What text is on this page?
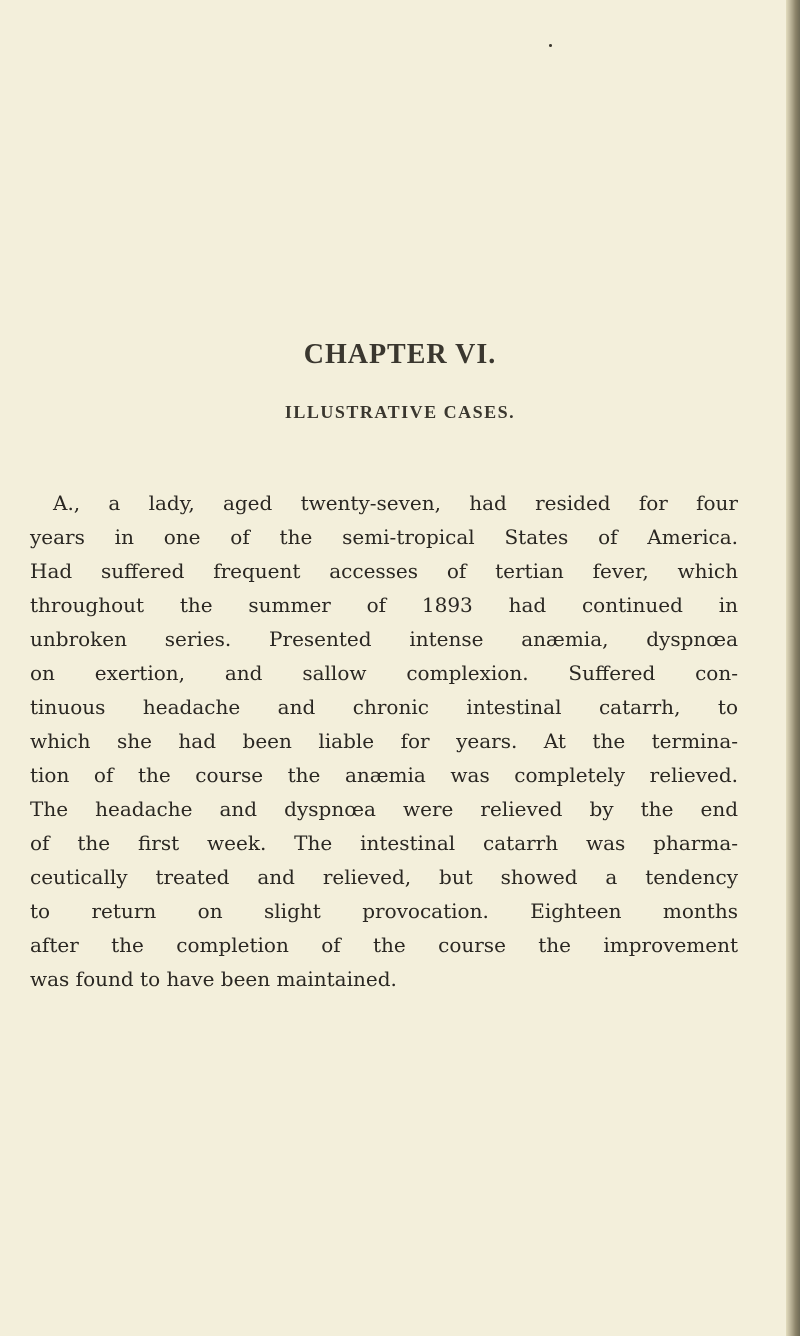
CHAPTER VI.
ILLUSTRATIVE CASES.
A., a lady, aged twenty-seven, had resided for four
years in one of the semi-tropical States of America.
Had suffered frequent accesses of tertian fever, which
throughout the summer of 1893 had continued in
unbroken series. Presented intense anæmia, dyspnœa
on exertion, and sallow complexion. Suffered con-
tinuous headache and chronic intestinal catarrh, to
which she had been liable for years. At the termina-
tion of the course the anæmia was completely relieved.
The headache and dyspnœa were relieved by the end
of the first week. The intestinal catarrh was pharma-
ceutically treated and relieved, but showed a tendency
to return on slight provocation. Eighteen months
after the completion of the course the improvement
was found to have been maintained.
